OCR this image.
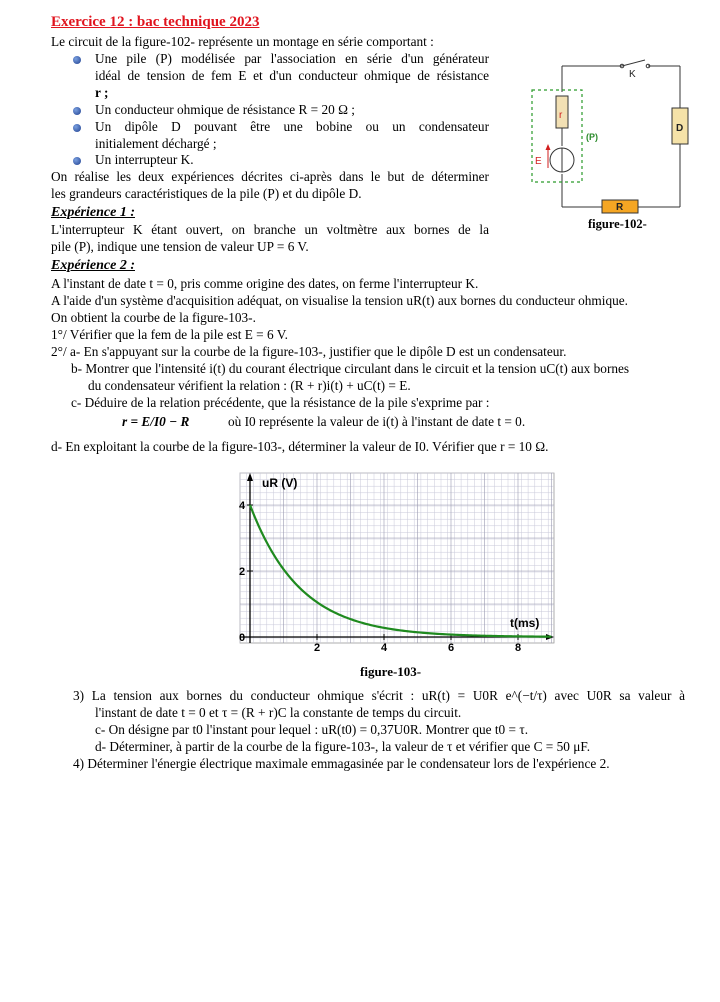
Exercice 12 : bac technique 2023
Le circuit de la figure-102- représente un montage en série comportant :
Une pile (P) modélisée par l'association en série d'un générateur
idéal de tension de fem E et d'un conducteur ohmique de résistance
r ;
Un conducteur ohmique de résistance R = 20 Ω ;
Un dipôle D pouvant être une bobine ou un condensateur
initialement déchargé ;
Un interrupteur K.
On réalise les deux expériences décrites ci-après dans le but de déterminer
les grandeurs caractéristiques de la pile (P) et du dipôle D.
Expérience 1 :
L'interrupteur K étant ouvert, on branche un voltmètre aux bornes de la
pile (P), indique une tension de valeur UP = 6 V.
Expérience 2 :
A l'instant de date t = 0, pris comme origine des dates, on ferme l'interrupteur K.
A l'aide d'un système d'acquisition adéquat, on visualise la tension uR(t) aux bornes du conducteur ohmique.
On obtient la courbe de la figure-103-.
1°/ Vérifier que la fem de la pile est E = 6 V.
2°/ a- En s'appuyant sur la courbe de la figure-103-, justifier que le dipôle D est un condensateur.
b- Montrer que l'intensité i(t) du courant électrique circulant dans le circuit et la tension uC(t) aux bornes
du condensateur vérifient la relation : (R + r)i(t) + uC(t) = E.
c- Déduire de la relation précédente, que la résistance de la pile s'exprime par :
r = E/I0 − R	où I0 représente la valeur de i(t) à l'instant de date t = 0.
d- En exploitant la courbe de la figure-103-, déterminer la valeur de I0. Vérifier que r = 10 Ω.
3) La tension aux bornes du conducteur ohmique s'écrit : uR(t) = U0R e^(−t/τ) avec U0R sa valeur à
l'instant de date t = 0 et τ = (R + r)C la constante de temps du circuit.
c- On désigne par t0 l'instant pour lequel : uR(t0) = 0,37U0R. Montrer que t0 = τ.
d- Déterminer, à partir de la courbe de la figure-103-, la valeur de τ et vérifier que C = 50 μF.
4) Déterminer l'énergie électrique maximale emmagasinée par le condensateur lors de l'expérience 2.
K
D
r
E
(P)
R
figure-102-
2	4	6	8
0
2
4
uR (V)
t(ms)
figure-103-
